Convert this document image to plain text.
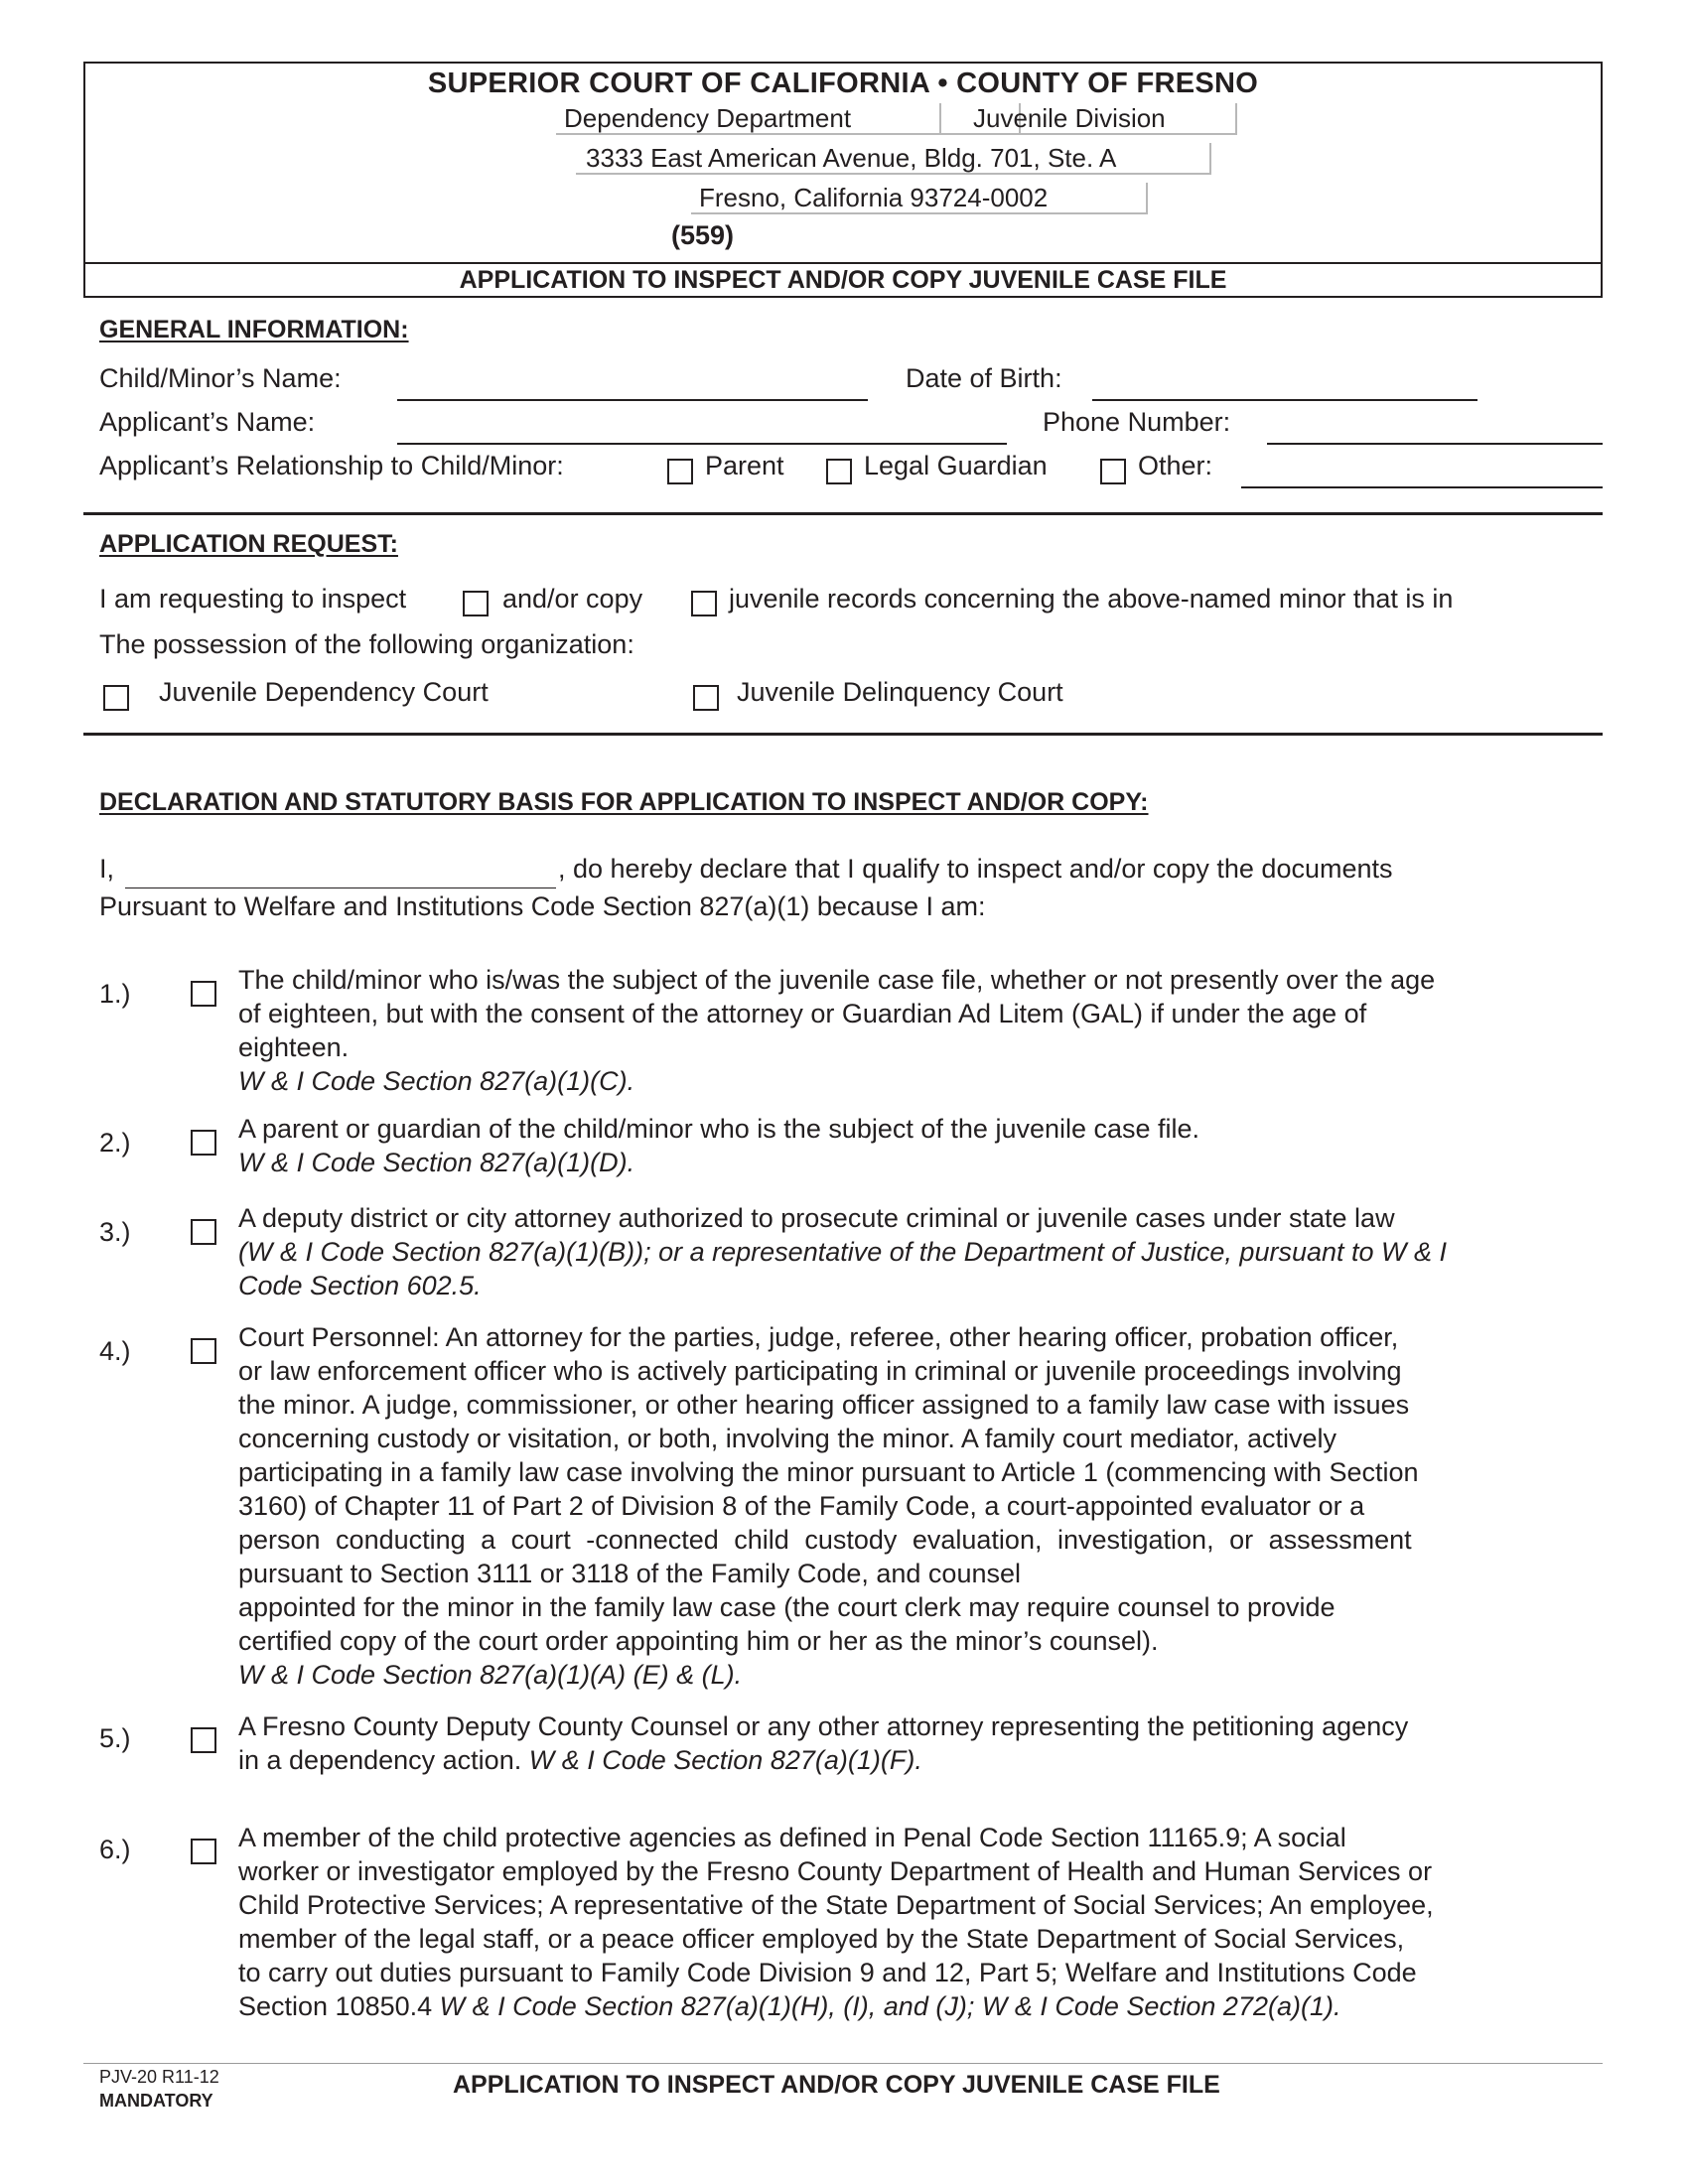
SUPERIOR COURT OF CALIFORNIA • COUNTY OF FRESNO
Dependency Department	Juvenile Division
3333 East American Avenue, Bldg. 701, Ste. A
Fresno, California 93724-0002
(559)
APPLICATION TO INSPECT AND/OR COPY JUVENILE CASE FILE
GENERAL INFORMATION:
Child/Minor’s Name:	Date of Birth:
Applicant’s Name:	Phone Number:
Applicant’s Relationship to Child/Minor:	Parent	Legal Guardian	Other:
APPLICATION REQUEST:
I am requesting to inspect	and/or copy	juvenile records concerning the above-named minor that is in
The possession of the following organization:
Juvenile Dependency Court	Juvenile Delinquency Court
DECLARATION AND STATUTORY BASIS FOR APPLICATION TO INSPECT AND/OR COPY:
I,	, do hereby declare that I qualify to inspect and/or copy the documents
Pursuant to Welfare and Institutions Code Section 827(a)(1) because I am:
1.)	The child/minor who is/was the subject of the juvenile case file, whether or not presently over the age
of eighteen, but with the consent of the attorney or Guardian Ad Litem (GAL) if under the age of
eighteen.
W & I Code Section 827(a)(1)(C).
2.)	A parent or guardian of the child/minor who is the subject of the juvenile case file.
W & I Code Section 827(a)(1)(D).
3.)	A deputy district or city attorney authorized to prosecute criminal or juvenile cases under state law
(W & I Code Section 827(a)(1)(B)); or a representative of the Department of Justice, pursuant to W & I
Code Section 602.5.
4.)	Court Personnel: An attorney for the parties, judge, referee, other hearing officer, probation officer,
or law enforcement officer who is actively participating in criminal or juvenile proceedings involving
the minor. A judge, commissioner, or other hearing officer assigned to a family law case with issues
concerning custody or visitation, or both, involving the minor. A family court mediator, actively
participating in a family law case involving the minor pursuant to Article 1 (commencing with Section
3160) of Chapter 11 of Part 2 of Division 8 of the Family Code, a court-appointed evaluator or a
person conducting a court -connected child custody evaluation, investigation, or assessment
pursuant to Section 3111 or 3118 of the Family Code, and counsel
appointed for the minor in the family law case (the court clerk may require counsel to provide
certified copy of the court order appointing him or her as the minor’s counsel).
W & I Code Section 827(a)(1)(A) (E) & (L).
5.)	A Fresno County Deputy County Counsel or any other attorney representing the petitioning agency
in a dependency action. W & I Code Section 827(a)(1)(F).
6.)	A member of the child protective agencies as defined in Penal Code Section 11165.9; A social
worker or investigator employed by the Fresno County Department of Health and Human Services or
Child Protective Services; A representative of the State Department of Social Services; An employee,
member of the legal staff, or a peace officer employed by the State Department of Social Services,
to carry out duties pursuant to Family Code Division 9 and 12, Part 5; Welfare and Institutions Code
Section 10850.4 W & I Code Section 827(a)(1)(H), (I), and (J); W & I Code Section 272(a)(1).
PJV-20 R11-12
MANDATORY
APPLICATION TO INSPECT AND/OR COPY JUVENILE CASE FILE
